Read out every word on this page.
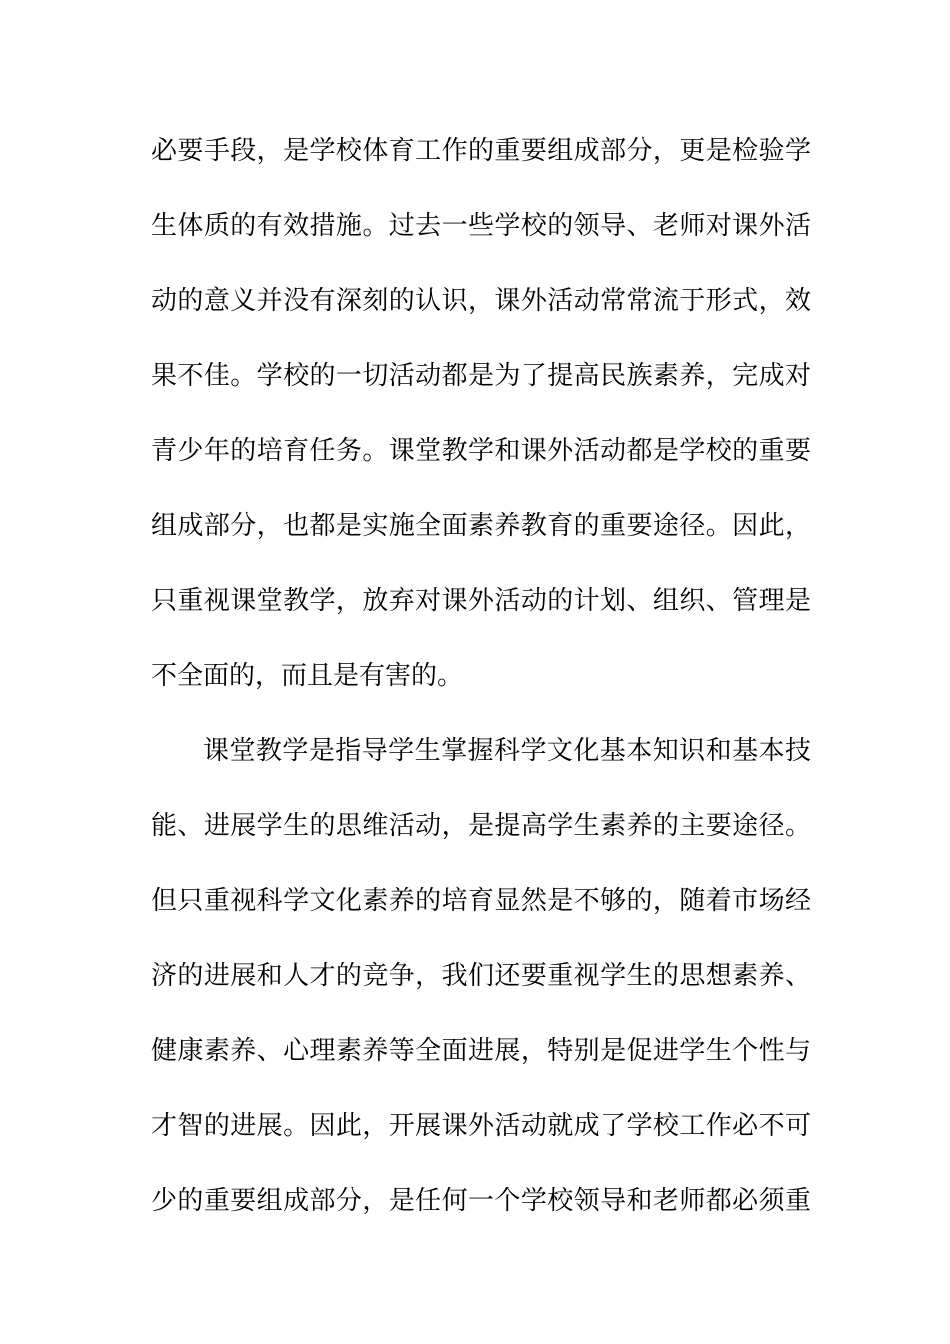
必要手段，是学校体育工作的重要组成部分，更是检验学
生体质的有效措施。过去一些学校的领导、老师对课外活
动的意义并没有深刻的认识，课外活动常常流于形式，效
果不佳。学校的一切活动都是为了提高民族素养，完成对
青少年的培育任务。课堂教学和课外活动都是学校的重要
组成部分，也都是实施全面素养教育的重要途径。因此，
只重视课堂教学，放弃对课外活动的计划、组织、管理是
不全面的，而且是有害的。
课堂教学是指导学生掌握科学文化基本知识和基本技
能、进展学生的思维活动，是提高学生素养的主要途径。
但只重视科学文化素养的培育显然是不够的，随着市场经
济的进展和人才的竞争，我们还要重视学生的思想素养、
健康素养、心理素养等全面进展，特别是促进学生个性与
才智的进展。因此，开展课外活动就成了学校工作必不可
少的重要组成部分，是任何一个学校领导和老师都必须重
